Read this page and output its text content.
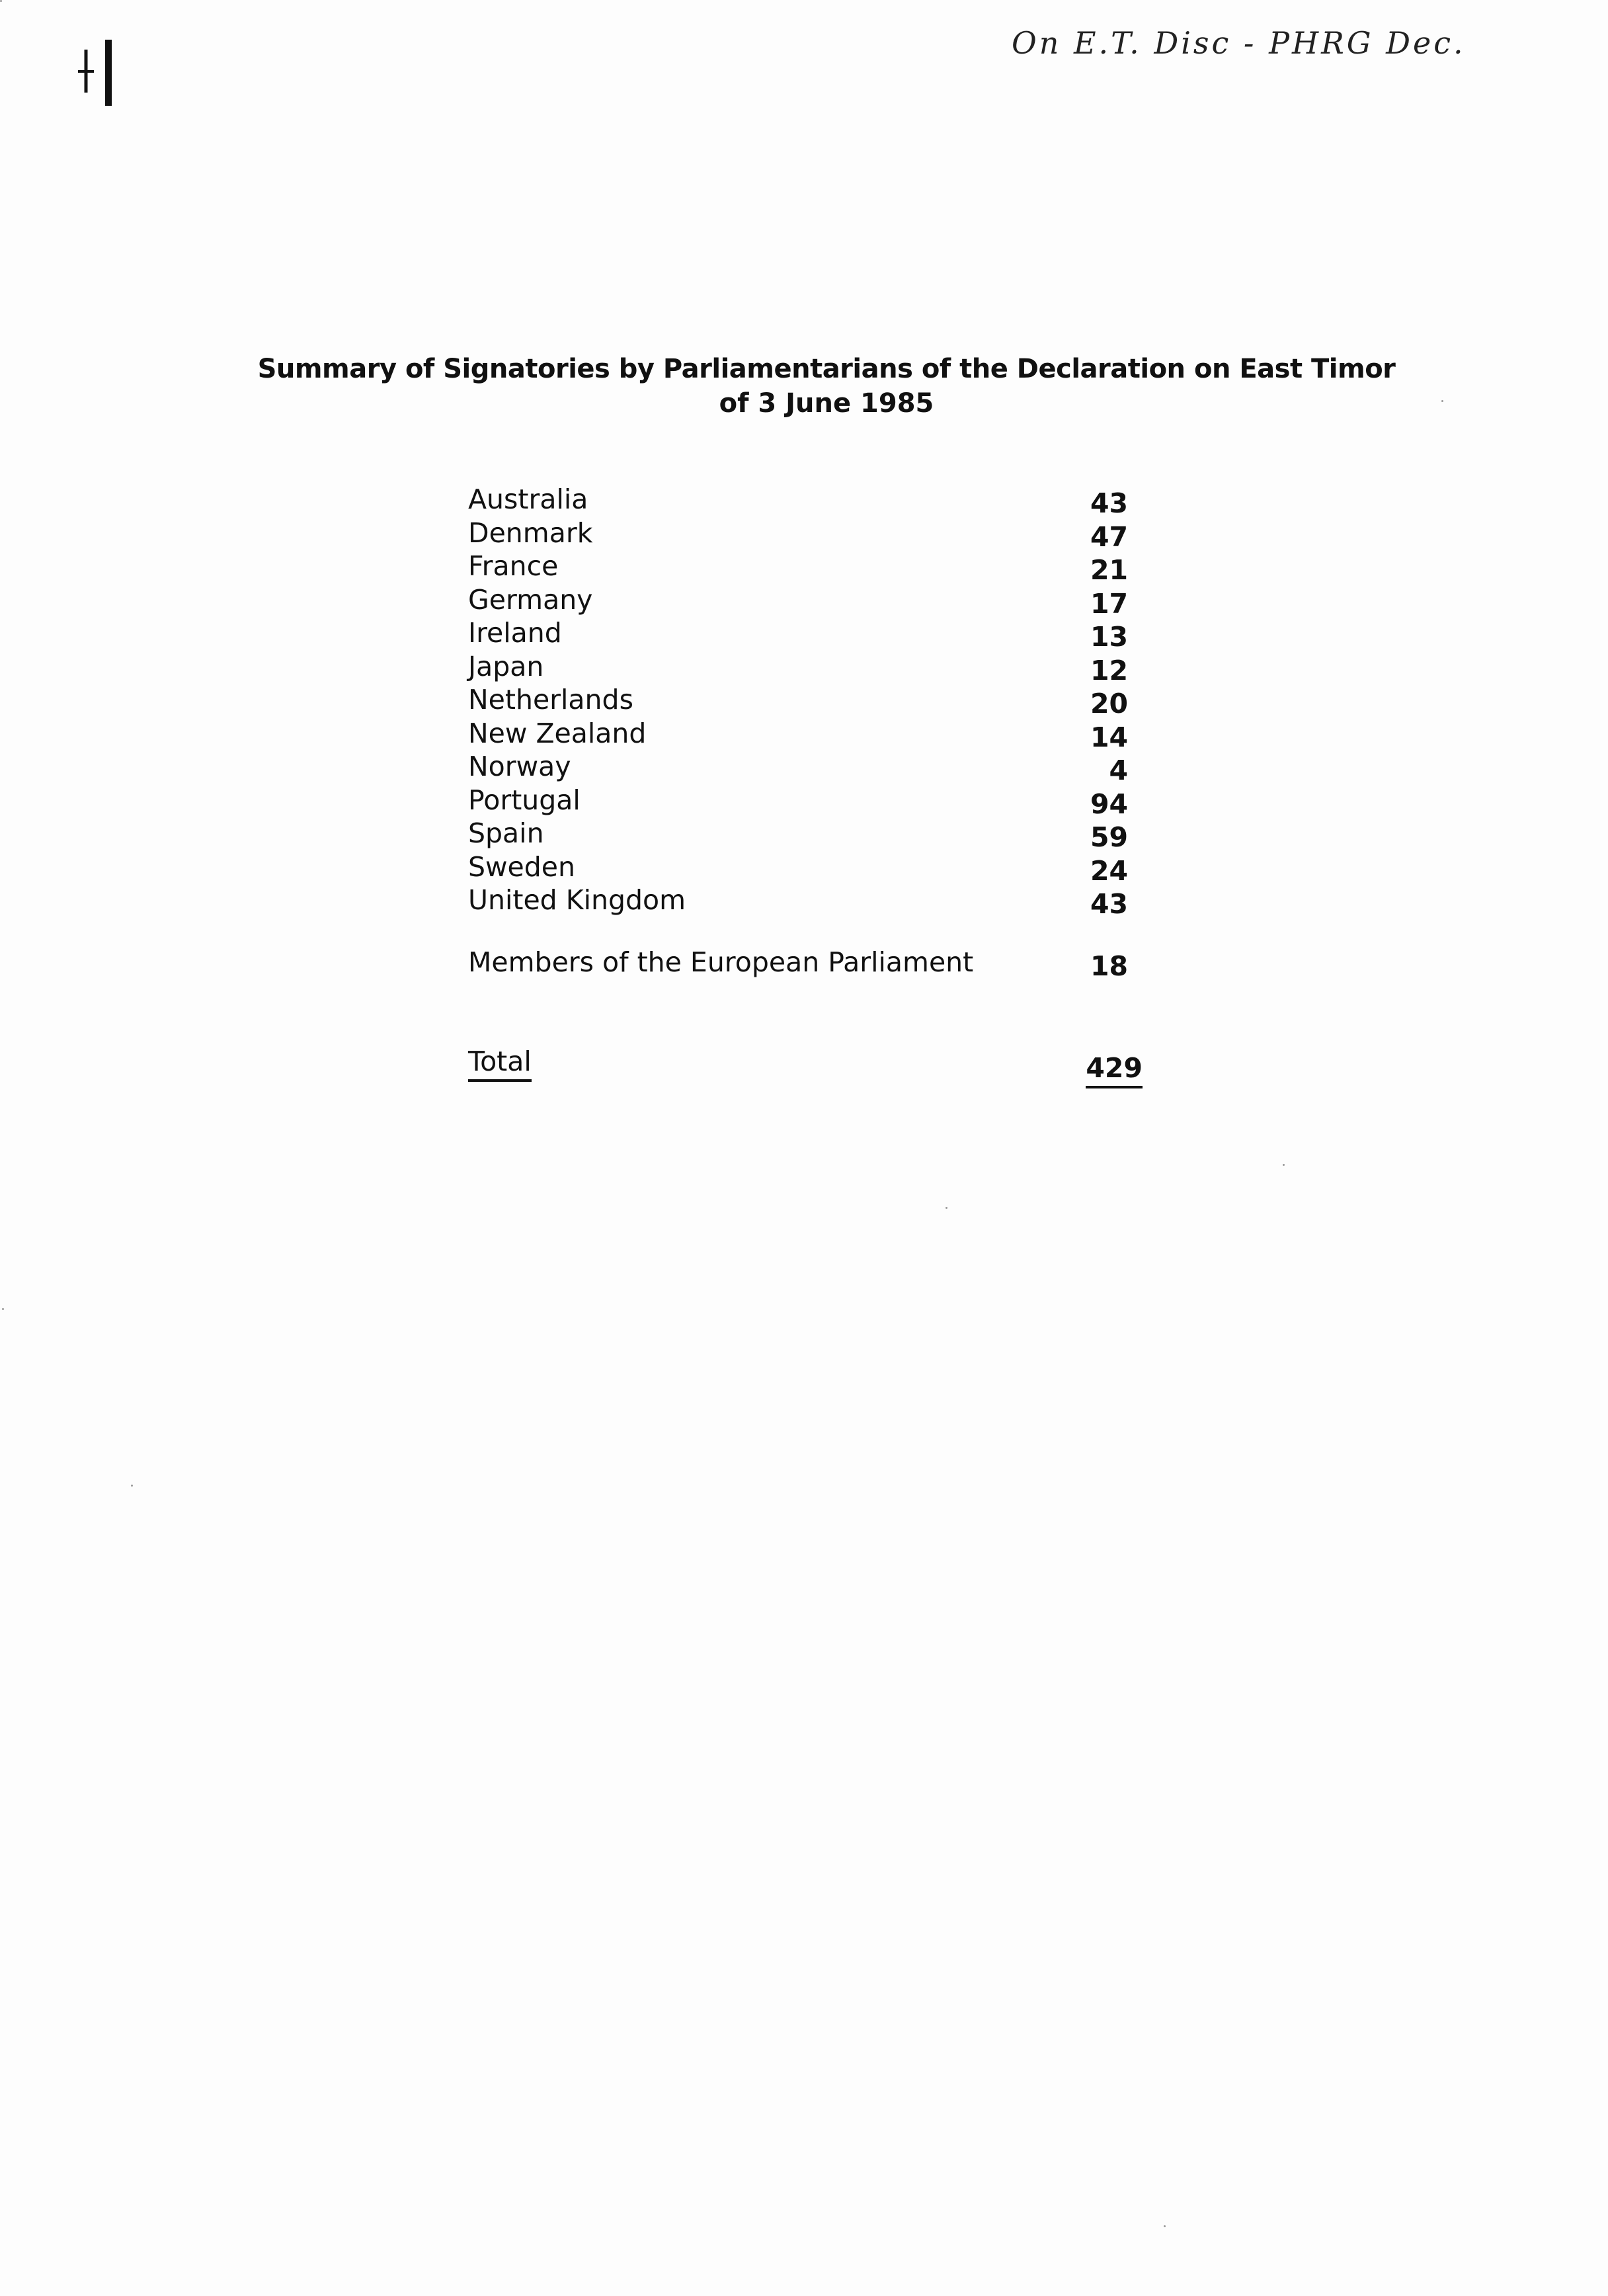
On E.T. Disc - PHRG Dec.
Summary of Signatories by Parliamentarians of the Declaration on East Timor
of 3 June 1985
Australia	43
Denmark	47
France	21
Germany	17
Ireland	13
Japan	12
Netherlands	20
New Zealand	14
Norway	4
Portugal	94
Spain	59
Sweden	24
United Kingdom	43
Members of the European Parliament	18
Total	429
